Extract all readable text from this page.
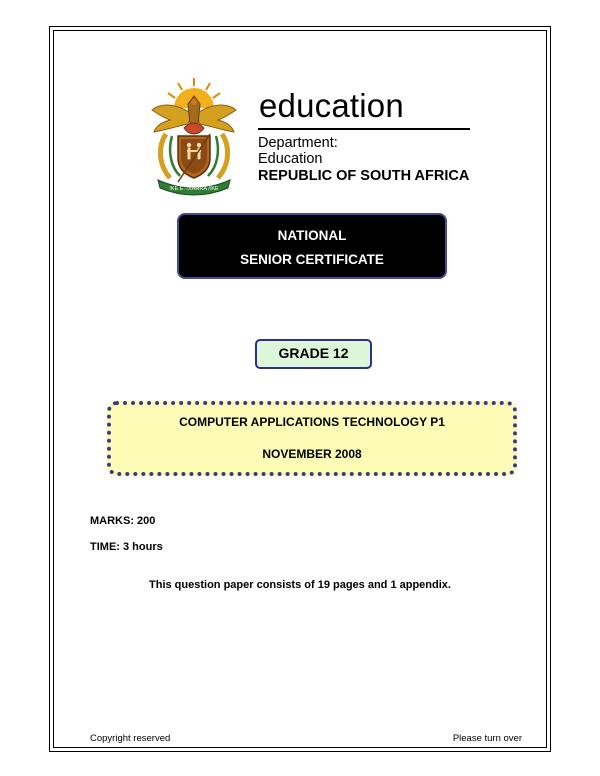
!KE E: /XARRA //KE
education
Department:
Education
REPUBLIC OF SOUTH AFRICA
NATIONAL
SENIOR CERTIFICATE
GRADE 12
COMPUTER APPLICATIONS TECHNOLOGY P1
NOVEMBER 2008
MARKS: 200
TIME: 3 hours
This question paper consists of 19 pages and 1 appendix.
Copyright reserved	Please turn over
